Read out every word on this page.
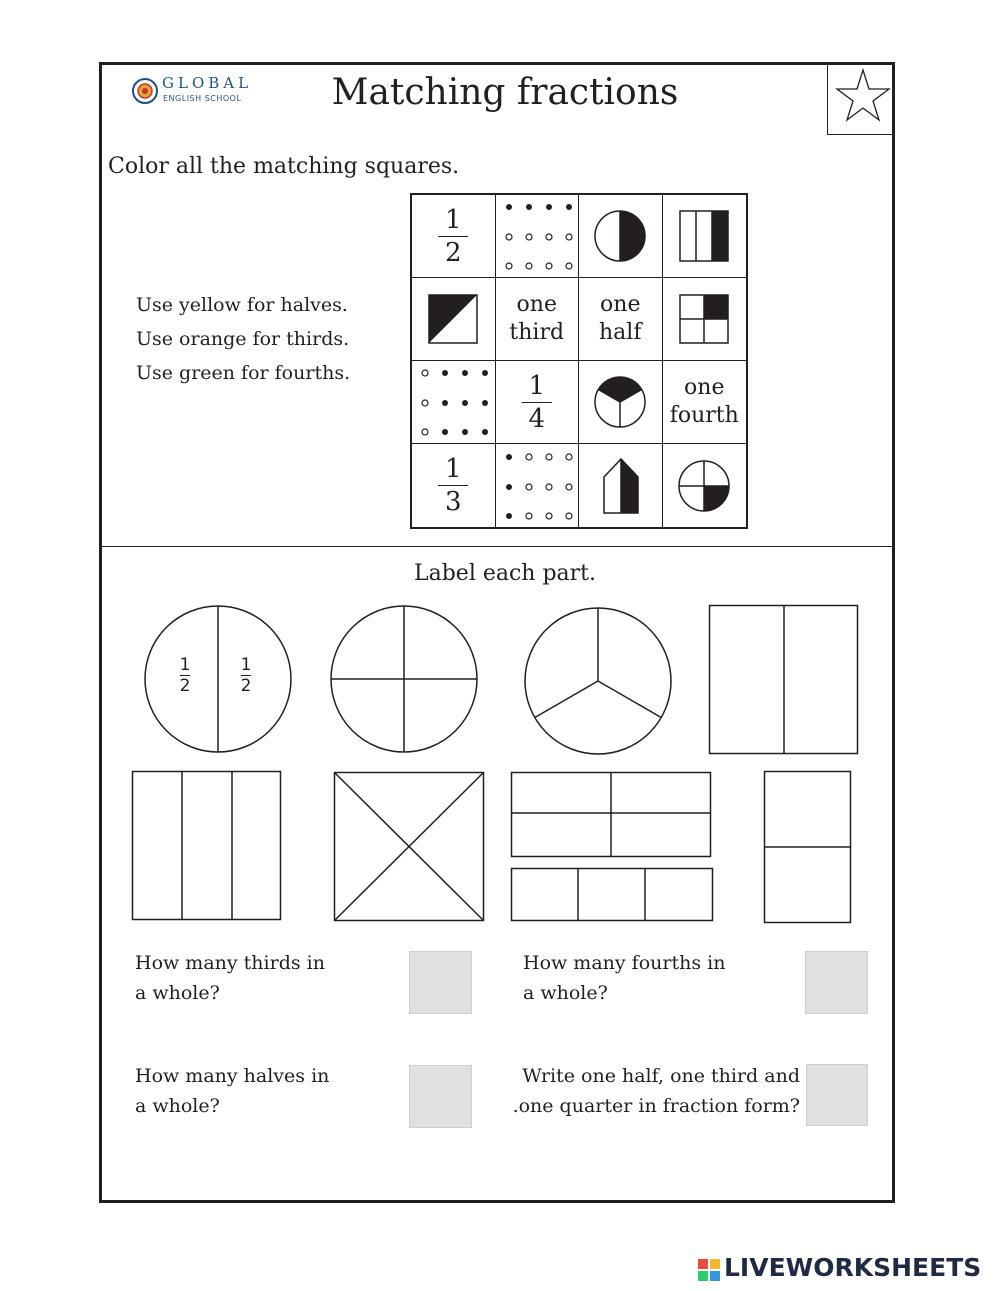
GLOBAL
ENGLISH SCHOOL	Matching fractions
Color all the matching squares.
Use yellow for halves.
Use orange for thirds.
Use green for fourths.
$\frac{1}{2}$
one
third
one
half
$\frac{1}{4}$	one
fourth
$\frac{1}{3}$
Label each part.
1
2
1
2
How many thirds in
a whole?
How many fourths in
a whole?
How many halves in
a whole?
Write one half, one third and
.one quarter in fraction form?
LIVEWORKSHEETS
